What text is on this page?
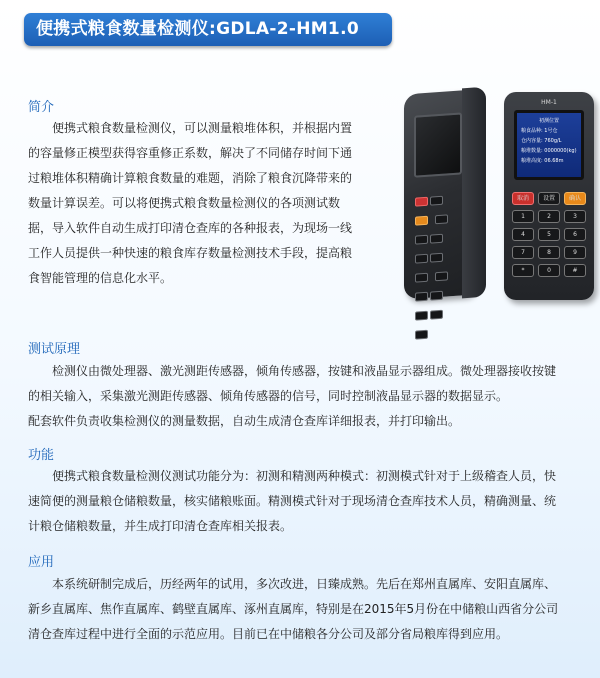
便携式粮食数量检测仪:GDLA-2-HM1.0
简介
便携式粮食数量检测仪，可以测量粮堆体积，并根据内置
的容量修正模型获得容重修正系数，解决了不同储存时间下通
过粮堆体积精确计算粮食数量的难题，消除了粮食沉降带来的
数量计算误差。可以将便携式粮食数量检测仪的各项测试数
据，导入软件自动生成打印清仓查库的各种报表，为现场一线
工作人员提供一种快速的粮食库存数量检测技术手段，提高粮
食智能管理的信息化水平。

HM-1
初测位置
粮食品种: 1号仓
仓内容量: 760g/L
粮堆数量: 0000000(kg)
粮堆高度: 06.68m
取消	设置	确认
1	2	3
4	5	6
7	8	9
*	0	#
测试原理
检测仪由微处理器、激光测距传感器，倾角传感器，按键和液晶显示器组成。微处理器接收按键
的相关输入，采集激光测距传感器、倾角传感器的信号，同时控制液晶显示器的数据显示。
配套软件负责收集检测仪的测量数据，自动生成清仓查库详细报表，并打印输出。
功能
便携式粮食数量检测仪测试功能分为：初测和精测两种模式：初测模式针对于上级稽查人员，快
速简便的测量粮仓储粮数量，核实储粮账面。精测模式针对于现场清仓查库技术人员，精确测量、统
计粮仓储粮数量，并生成打印清仓查库相关报表。
应用
本系统研制完成后，历经两年的试用，多次改进，日臻成熟。先后在郑州直属库、安阳直属库、
新乡直属库、焦作直属库、鹤壁直属库、涿州直属库，特别是在2015年5月份在中储粮山西省分公司
清仓查库过程中进行全面的示范应用。目前已在中储粮各分公司及部分省局粮库得到应用。
